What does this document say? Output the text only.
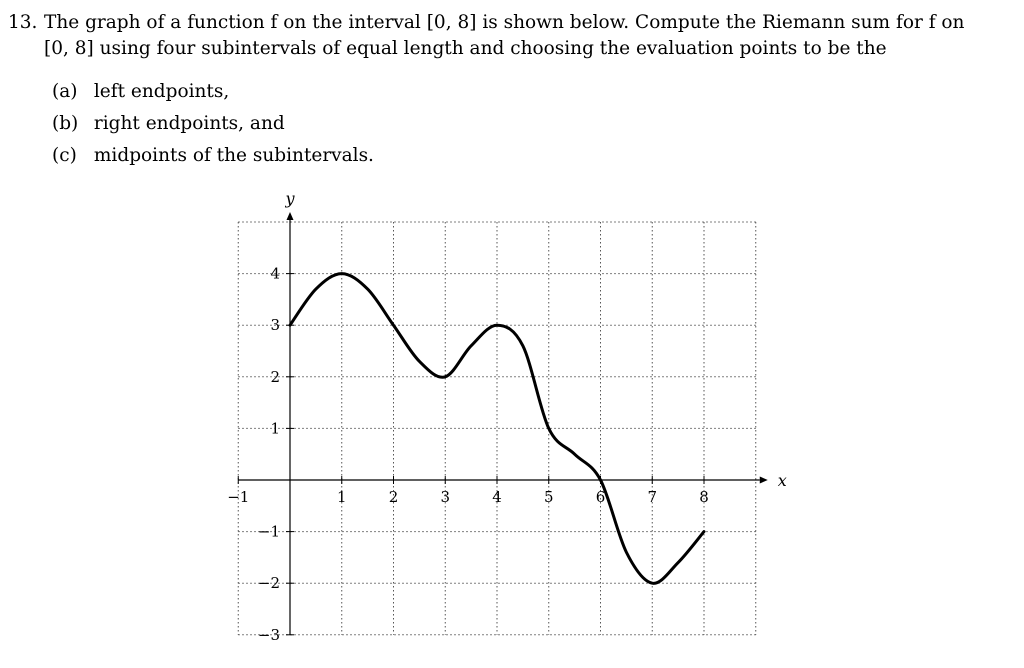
13. The graph of a function f on the interval [0, 8] is shown below. Compute the Riemann sum for f on
[0, 8] using four subintervals of equal length and choosing the evaluation points to be the
(a) left endpoints,
(b) right endpoints, and
(c) midpoints of the subintervals.
−1	1	2	3	4	5	6	7	8
4
3
2
1
−1
−2
−3
x
y
